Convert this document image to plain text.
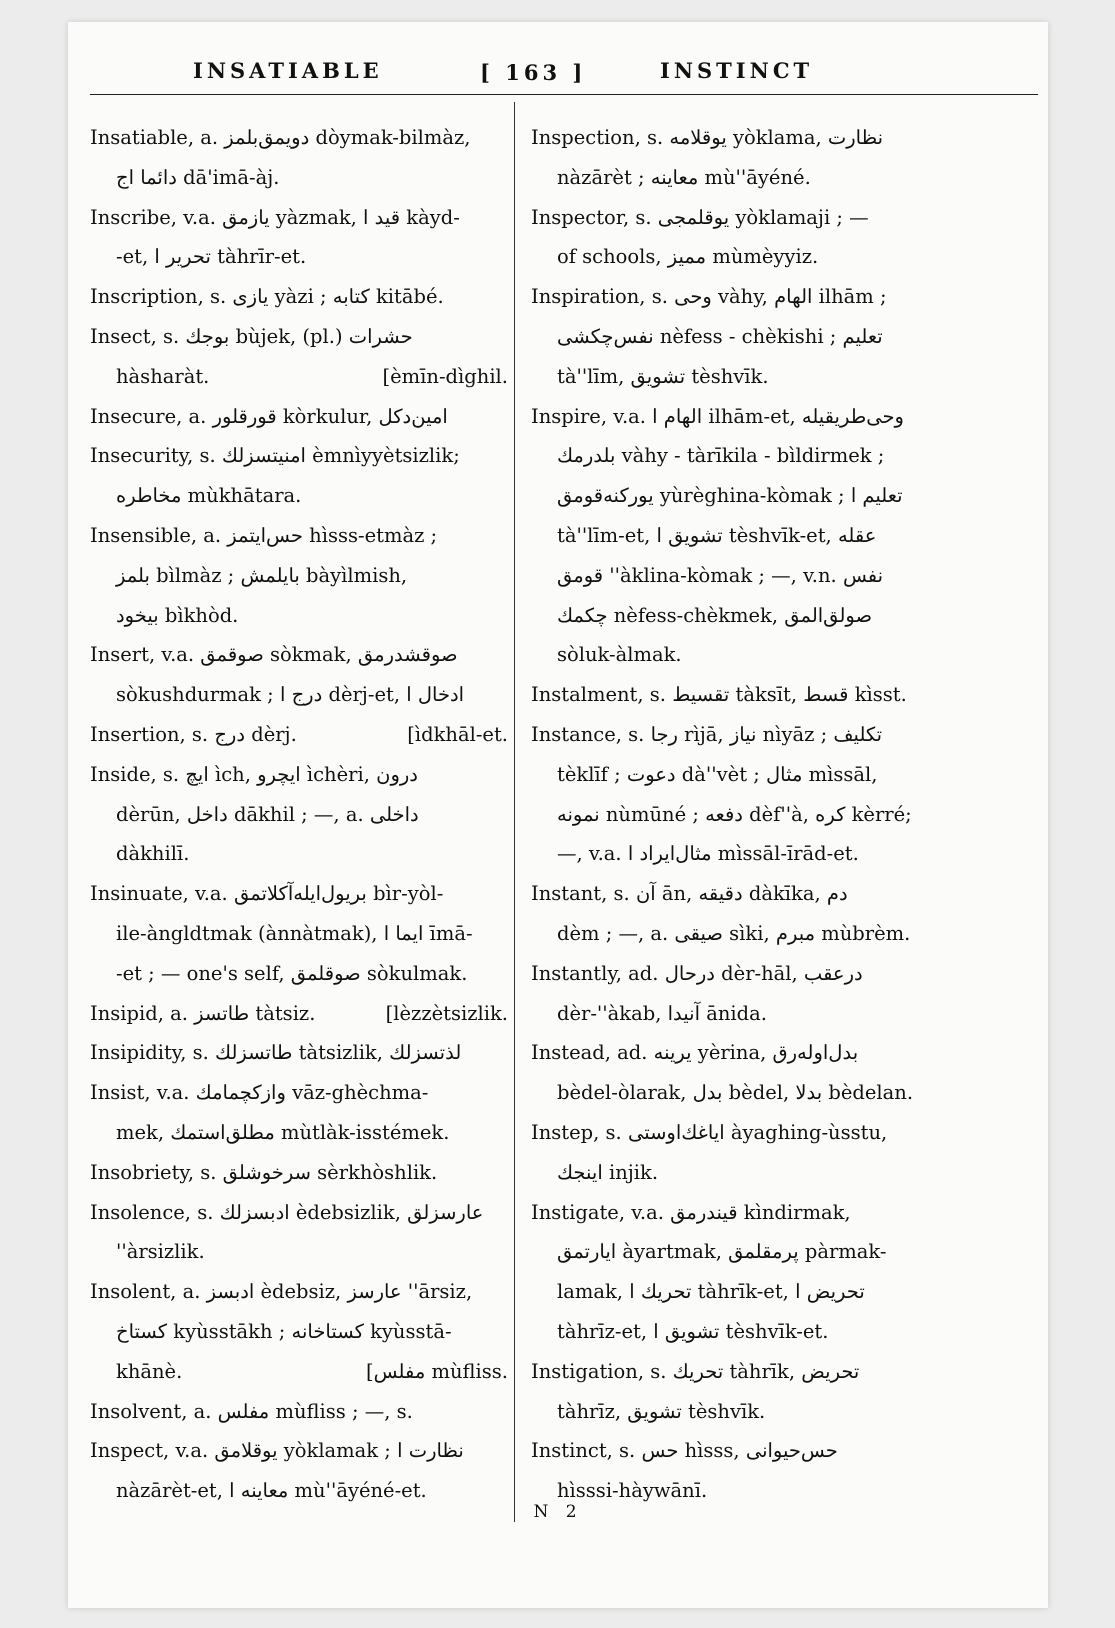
INSATIABLE	[ 163 ]	INSTINCT
Insatiable, a. دویمق‌بلمز dòymak-bilmàz,
دائما اج dā'imā-àj.
Inscribe, v.a. یازمق yàzmak, قید ا kàyd-
-et, تحریر ا tàhrīr-et.
Inscription, s. یازی yàzi ; کتابه kitābé.
Insect, s. بوجك bùjek, (pl.) حشرات
[èmīn-dìghil.
hàsharàt.
Insecure, a. قورقلور kòrkulur, امین‌دکل
Insecurity, s. امنیتسزلك èmnìyyètsizlik;
مخاطره mùkhātara.
Insensible, a. حس‌ایتمز hìsss-etmàz ;
بلمز bìlmàz ; بایلمش bàyìlmish,
بیخود bìkhòd.
Insert, v.a. صوقمق sòkmak, صوقشدرمق
sòkushdurmak ; درج ا dèrj-et, ادخال ا
[ìdkhāl-et.
Insertion, s. درج dèrj.
Inside, s. ایچ ìch, ایچرو ìchèri, درون
dèrūn, داخل dākhil ; —, a. داخلی
dàkhilī.
Insinuate, v.a. بریول‌ایله‌آکلاتمق bìr-yòl-
ile-àngldtmak (ànnàtmak), ایما ا īmā-
-et ; — one's self, صوقلمق sòkulmak.
[lèzzètsizlik.
Insipid, a. طاتسز tàtsiz.
Insipidity, s. طاتسزلك tàtsizlik, لذتسزلك
Insist, v.a. وازکچمامك vāz-ghèchma-
mek, مطلق‌استمك mùtlàk-isstémek.
Insobriety, s. سرخوشلق sèrkhòshlik.
Insolence, s. ادبسزلك èdebsizlik, عارسزلق
''àrsizlik.
Insolent, a. ادبسز èdebsiz, عارسز ''ārsiz,
کستاخ kyùsstākh ; کستاخانه kyùsstā-
[مفلس mùfliss.
khānè.
Insolvent, a. مفلس mùfliss ; —, s.
Inspect, v.a. یوقلامق yòklamak ; نظارت ا
nàzārèt-et, معاینه ا mù''āyéné-et.
Inspection, s. یوقلامه yòklama, نظارت
nàzārèt ; معاینه mù''āyéné.
Inspector, s. یوقلمجی yòklamaji ; —
of schools, ممیز mùmèyyiz.
Inspiration, s. وحی vàhy, الهام ilhām ;
نفس‌چکشی nèfess - chèkishi ; تعلیم
tà''līm, تشویق tèshvīk.
Inspire, v.a. الهام ا ilhām-et, وحی‌طریقیله
بلدرمك vàhy - tàrīkila - bìldirmek ;
یورکنه‌قومق yùrèghina-kòmak ; تعلیم ا
tà''līm-et, تشویق ا tèshvīk-et, عقله
قومق ''àklina-kòmak ; —, v.n. نفس
چکمك nèfess-chèkmek, صولق‌المق
sòluk-àlmak.
Instalment, s. تقسیط tàksīt, قسط kìsst.
Instance, s. رجا rìjā, نیاز nìyāz ; تکلیف
tèklīf ; دعوت dà''vèt ; مثال mìssāl,
نمونه nùmūné ; دفعه dèf''à, کره kèrré;
—, v.a. مثال‌ایراد ا mìssāl-īrād-et.
Instant, s. آن ān, دقیقه dàkīka, دم
dèm ; —, a. صیقی sìki, مبرم mùbrèm.
Instantly, ad. درحال dèr-hāl, درعقب
dèr-''àkab, آنیدا ānida.
Instead, ad. یرینه yèrina, بدل‌اولەرق
bèdel-òlarak, بدل bèdel, بدلا bèdelan.
Instep, s. ایاغك‌اوستی àyaghing-ùsstu,
اینجك injik.
Instigate, v.a. قیندرمق kìndirmak,
ایارتمق àyartmak, پرمقلمق pàrmak-
lamak, تحریك ا tàhrīk-et, تحریض ا
tàhrīz-et, تشویق ا tèshvīk-et.
Instigation, s. تحریك tàhrīk, تحریض
tàhrīz, تشویق tèshvīk.
Instinct, s. حس hìsss, حس‌حیوانی
hìsssi-hàywānī.
N 2
